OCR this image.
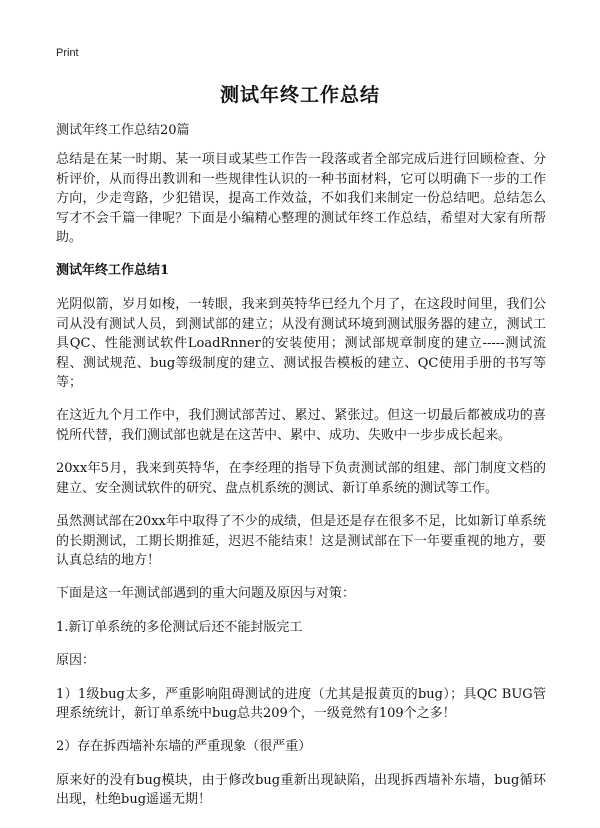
Print
测试年终工作总结

测试年终工作总结20篇

总结是在某一时期、某一项目或某些工作告一段落或者全部完成后进行回顾检查、分析评价，从而得出教训和一些规律性认识的一种书面材料，它可以明确下一步的工作方向，少走弯路，少犯错误，提高工作效益，不如我们来制定一份总结吧。总结怎么写才不会千篇一律呢？下面是小编精心整理的测试年终工作总结，希望对大家有所帮助。

测试年终工作总结1

光阴似箭，岁月如梭，一转眼，我来到英特华已经九个月了，在这段时间里，我们公司从没有测试人员，到测试部的建立；从没有测试环境到测试服务器的建立，测试工具QC、性能测试软件LoadRnner的安装使用；测试部规章制度的建立-----测试流程、测试规范、bug等级制度的建立、测试报告模板的建立、QC使用手册的书写等等；

在这近九个月工作中，我们测试部苦过、累过、紧张过。但这一切最后都被成功的喜悦所代替，我们测试部也就是在这苦中、累中、成功、失败中一步步成长起来。

20xx年5月，我来到英特华，在李经理的指导下负责测试部的组建、部门制度文档的建立、安全测试软件的研究、盘点机系统的测试、新订单系统的测试等工作。

虽然测试部在20xx年中取得了不少的成绩，但是还是存在很多不足，比如新订单系统的长期测试，工期长期推延，迟迟不能结束！这是测试部在下一年要重视的地方，要认真总结的地方！

下面是这一年测试部遇到的重大问题及原因与对策：

1.新订单系统的多伦测试后还不能封版完工

原因：

1）1级bug太多，严重影响阻碍测试的进度（尤其是报黄页的bug）；具QC BUG管理系统统计，新订单系统中bug总共209个，一级竟然有109个之多！

2）存在拆西墙补东墙的严重现象（很严重）

原来好的没有bug模块，由于修改bug重新出现缺陷，出现拆西墙补东墙，bug循环出现，杜绝bug遥遥无期！
